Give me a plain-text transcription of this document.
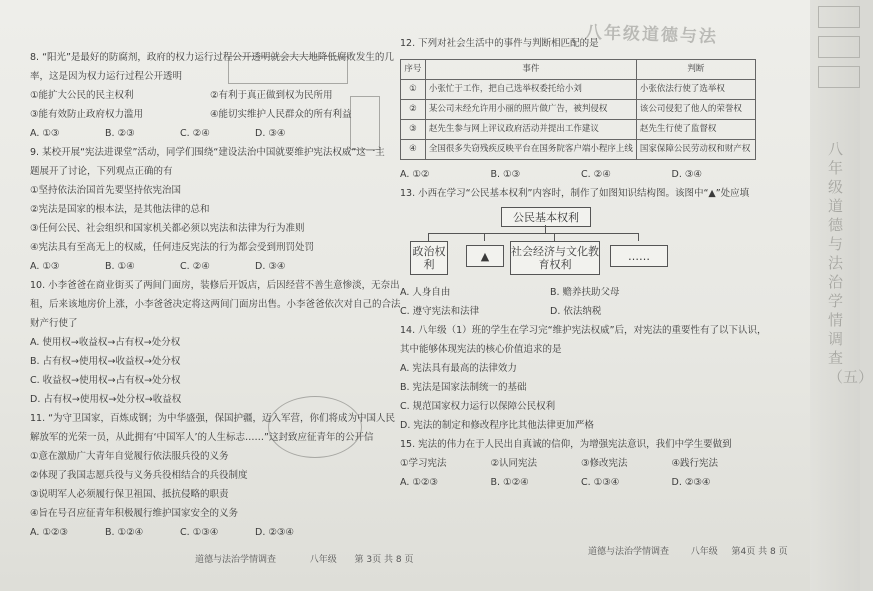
八年级道德与法
八年级道德与法治学情调查（五）

8. “阳光”是最好的防腐剂，政府的权力运行过程公开透明就会大大地降低腐败发生的几

率，这是因为权力运行过程公开透明

①能扩大公民的民主权利	②有利于真正做到权为民所用

③能有效防止政府权力滥用	④能切实维护人民群众的所有利益

A. ①③	B. ②③	C. ②④	D. ③④

9. 某校开展“宪法进课堂”活动，同学们围绕“建设法治中国就要维护宪法权威”这一主

题展开了讨论，下列观点正确的有

①坚持依法治国首先要坚持依宪治国

②宪法是国家的根本法，是其他法律的总和

③任何公民、社会组织和国家机关都必须以宪法和法律为行为准则

④宪法具有至高无上的权威，任何违反宪法的行为都会受到刑罚处罚

A. ①③	B. ①④	C. ②④	D. ③④

10. 小李爸爸在商业街买了两间门面房，装修后开饭店，后因经营不善生意惨淡，无奈出

租，后来该地房价上涨，小李爸爸决定将这两间门面房出售。小李爸爸依次对自己的合法

财产行使了

A. 使用权→收益权→占有权→处分权

B. 占有权→使用权→收益权→处分权

C. 收益权→使用权→占有权→处分权

D. 占有权→使用权→处分权→收益权

11. “为守卫国家，百炼成钢；为中华盛强，保国护疆，迈入军营，你们将成为中国人民

解放军的光荣一员，从此拥有‘中国军人’的人生标志……”这封致应征青年的公开信

①意在激励广大青年自觉履行依法服兵役的义务

②体现了我国志愿兵役与义务兵役相结合的兵役制度

③说明军人必须履行保卫祖国、抵抗侵略的职责

④旨在号召应征青年积极履行维护国家安全的义务

A. ①②③	B. ①②④	C. ①③④	D. ②③④

道德与法治学情调查	八年级 第 3页 共 8 页

12. 下列对社会生活中的事件与判断相匹配的是

序号	事件	判断
①	小张忙于工作，把自己选举权委托给小刘	小张依法行使了选举权
②	某公司未经允许用小丽的照片做广告，被判侵权	该公司侵犯了他人的荣誉权
③	赵先生参与网上评议政府活动并提出工作建议	赵先生行使了监督权
④	全国很多失窃残疾反映平台在国务院客户端小程序上线	国家保障公民劳动权和财产权

A. ①②	B. ①③	C. ②④	D. ③④

13. 小西在学习“公民基本权利”内容时，制作了如图知识结构图。该图中“▲”处应填

公民基本权利
政治权利
▲	社会经济与文化教育权利
……

A. 人身自由	B. 赡养扶助父母

C. 遵守宪法和法律	D. 依法纳税

14. 八年级（1）班的学生在学习完“维护宪法权威”后，对宪法的重要性有了以下认识，

其中能够体现宪法的核心价值追求的是

A. 宪法具有最高的法律效力

B. 宪法是国家法制统一的基础

C. 规范国家权力运行以保障公民权利

D. 宪法的制定和修改程序比其他法律更加严格

15. 宪法的伟力在于人民出自真诚的信仰，为增强宪法意识，我们中学生要做到

①学习宪法	②认同宪法	③修改宪法	④践行宪法

A. ①②③	B. ①②④	C. ①③④	D. ②③④

道德与法治学情调查 八年级 第4页 共 8 页
